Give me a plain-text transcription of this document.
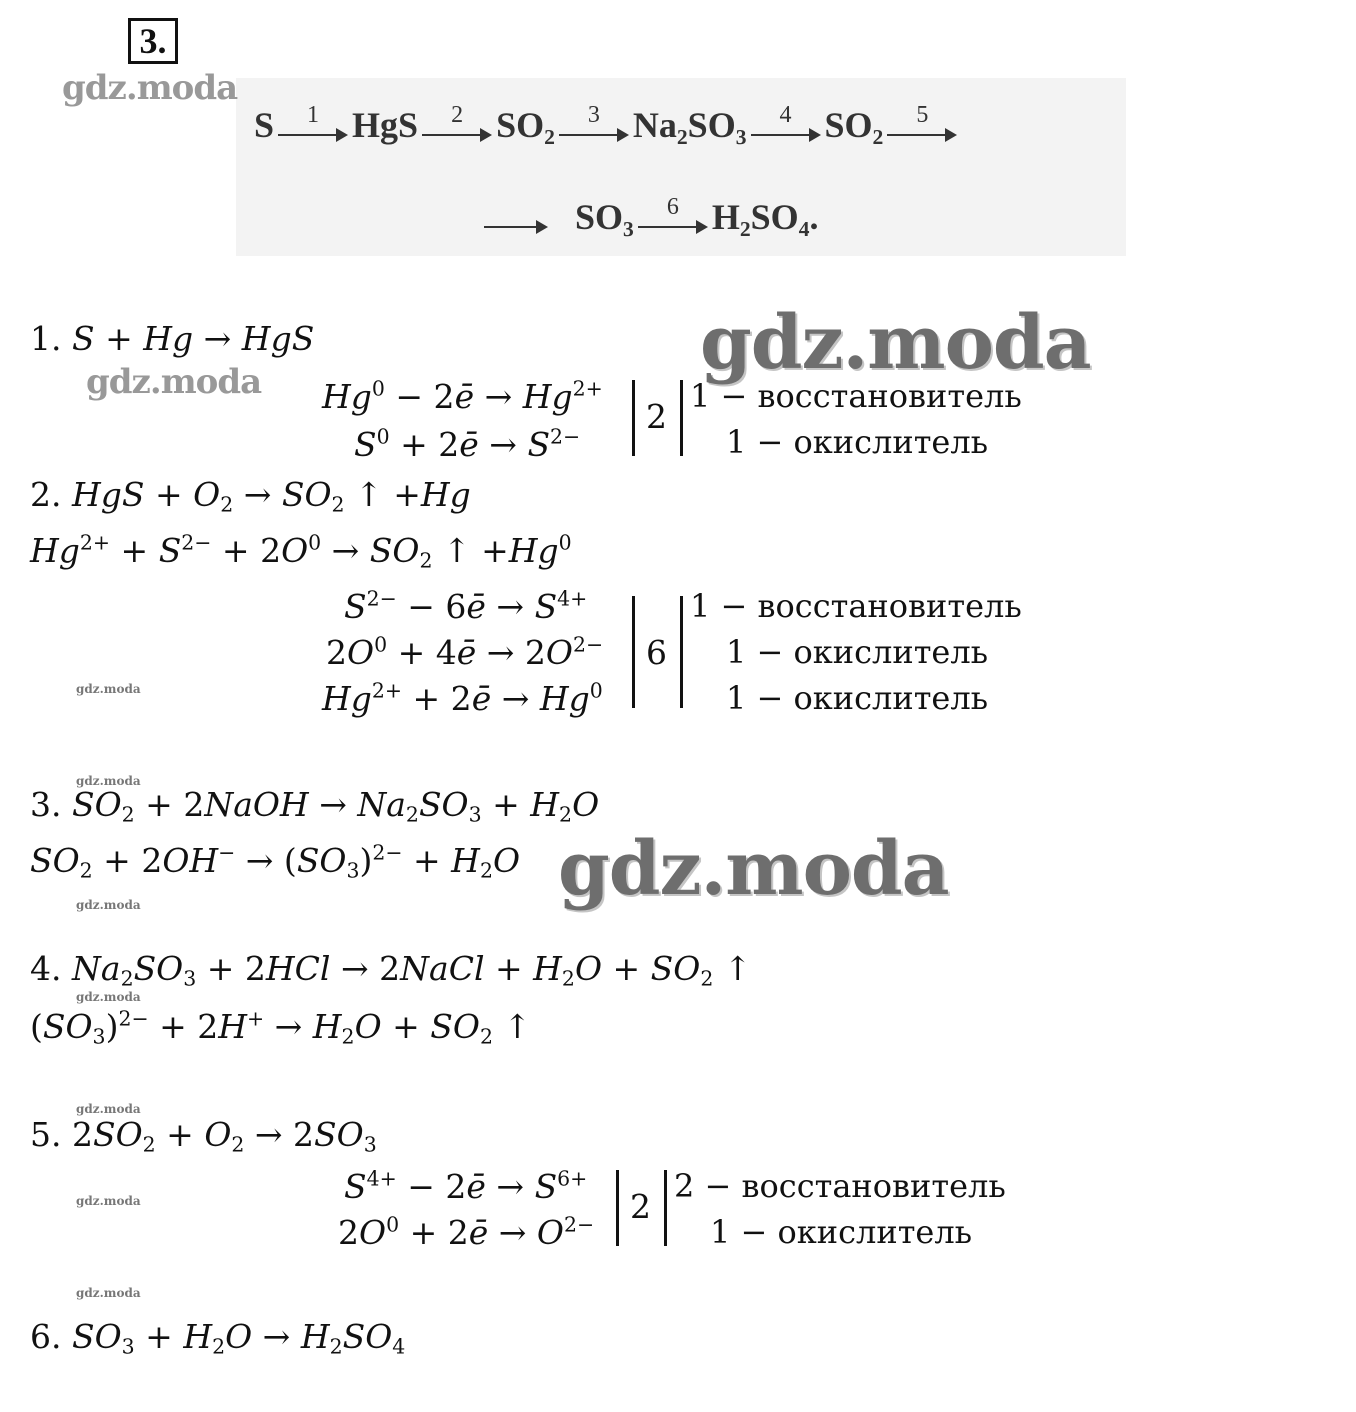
3.
S	1 HgS	2 SO₂	3 Na₂SO₃	4 SO₂	5
SO₃	6 H₂SO₄.
gdz.moda
gdz.moda
gdz.moda
gdz.moda
gdz.moda
gdz.moda
gdz.moda
gdz.moda
gdz.moda
gdz.moda
gdz.moda
1. S + Hg → HgS
$Hg^0$ − 2ē → $Hg^{2+}$
$S^0$ + 2ē → $S^{2-}$
2
1 − восстановитель
1 − окислитель
2. HgS + $O_2 \to SO_2$ ↑ +Hg
$Hg^{2+} + S^{2-} + 2O^0 \to SO_2$ ↑ $+Hg^0$
$S^{2-}$ − 6ē → $S^{4+}$
$2O^0$ + 4ē → $2O^{2-}$
$Hg^{2+}$ + 2ē → $Hg^0$
6
1 − восстановитель
1 − окислитель
1 − окислитель
3. $SO_2$ + 2NaOH → $Na_2SO_3 + H_2O$
$SO_2 + 2OH^- \to (SO_3)^{2-} + H_2O$
4. $Na_2SO_3 + 2HCl$ → 2NaCl + $H_2O + SO_2$ ↑
$(SO_3)^{2-} + 2H^+ \to H_2O + SO_2$ ↑
5. $2SO_2 + O_2 \to 2SO_3$
$S^{4+}$ − 2ē → $S^{6+}$
$2O^0$ + 2ē → $O^{2-}$ 2
2 − восстановитель
1 − окислитель
6. $SO_3 + H_2O \to H_2SO_4$
